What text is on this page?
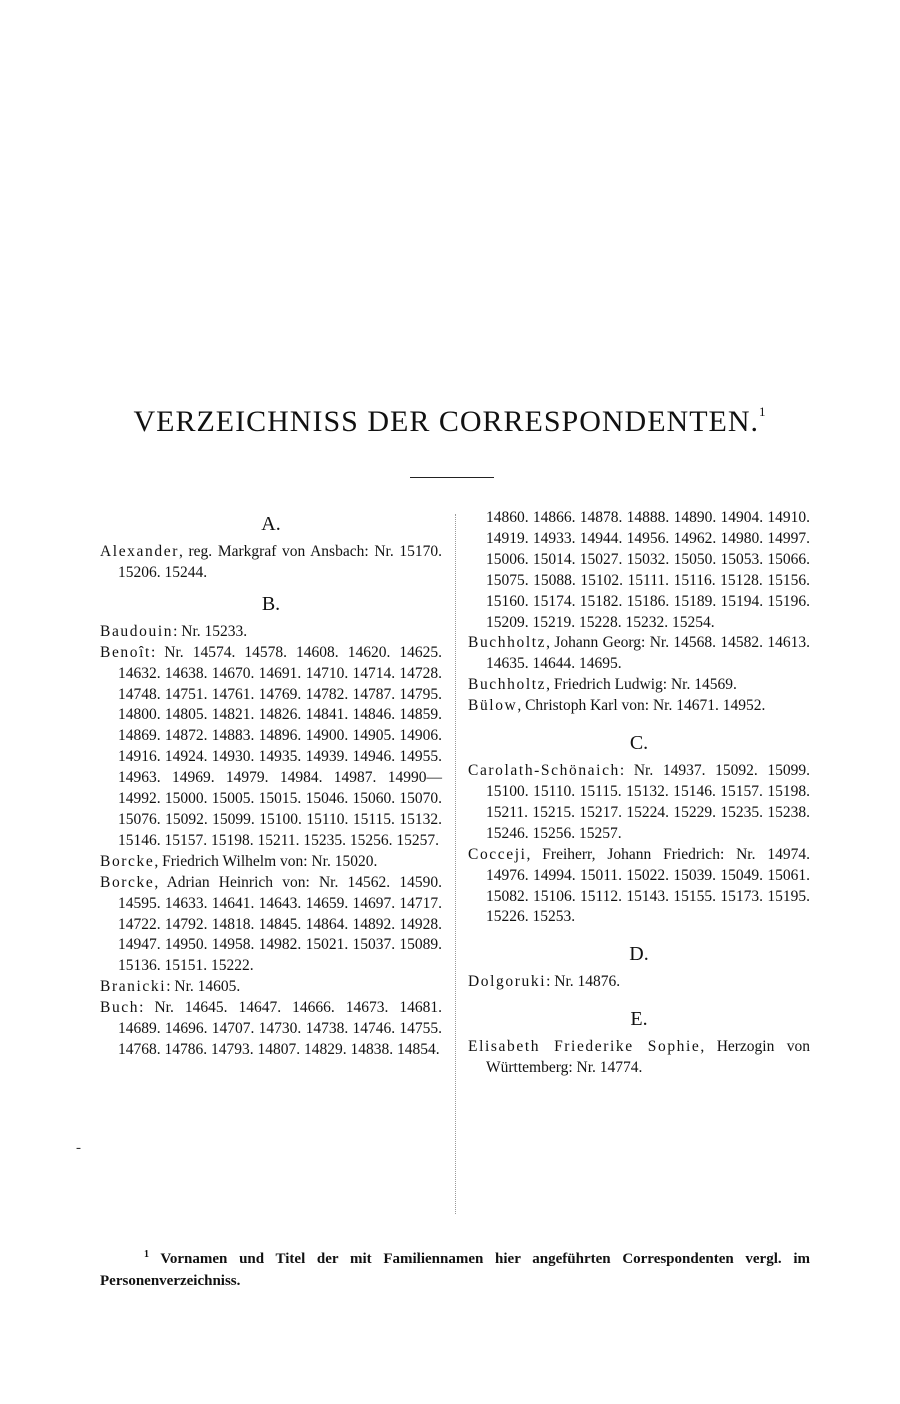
VERZEICHNISS DER CORRESPONDENTEN.$^1$
-
A.
Alexander, reg. Markgraf von Ansbach: Nr. 15170. 15206. 15244.
B.
Baudouin: Nr. 15233.
Benoît: Nr. 14574. 14578. 14608. 14620. 14625. 14632. 14638. 14670. 14691. 14710. 14714. 14728. 14748. 14751. 14761. 14769. 14782. 14787. 14795. 14800. 14805. 14821. 14826. 14841. 14846. 14859. 14869. 14872. 14883. 14896. 14900. 14905. 14906. 14916. 14924. 14930. 14935. 14939. 14946. 14955. 14963. 14969. 14979. 14984. 14987. 14990—14992. 15000. 15005. 15015. 15046. 15060. 15070. 15076. 15092. 15099. 15100. 15110. 15115. 15132. 15146. 15157. 15198. 15211. 15235. 15256. 15257.
Borcke, Friedrich Wilhelm von: Nr. 15020.
Borcke, Adrian Heinrich von: Nr. 14562. 14590. 14595. 14633. 14641. 14643. 14659. 14697. 14717. 14722. 14792. 14818. 14845. 14864. 14892. 14928. 14947. 14950. 14958. 14982. 15021. 15037. 15089. 15136. 15151. 15222.
Branicki: Nr. 14605.
Buch: Nr. 14645. 14647. 14666. 14673. 14681. 14689. 14696. 14707. 14730. 14738. 14746. 14755. 14768. 14786. 14793. 14807. 14829. 14838. 14854.
14860. 14866. 14878. 14888. 14890. 14904. 14910. 14919. 14933. 14944. 14956. 14962. 14980. 14997. 15006. 15014. 15027. 15032. 15050. 15053. 15066. 15075. 15088. 15102. 15111. 15116. 15128. 15156. 15160. 15174. 15182. 15186. 15189. 15194. 15196. 15209. 15219. 15228. 15232. 15254.
Buchholtz, Johann Georg: Nr. 14568. 14582. 14613. 14635. 14644. 14695.
Buchholtz, Friedrich Ludwig: Nr. 14569.
Bülow, Christoph Karl von: Nr. 14671. 14952.
C.
Carolath-Schönaich: Nr. 14937. 15092. 15099. 15100. 15110. 15115. 15132. 15146. 15157. 15198. 15211. 15215. 15217. 15224. 15229. 15235. 15238. 15246. 15256. 15257.
Cocceji, Freiherr, Johann Friedrich: Nr. 14974. 14976. 14994. 15011. 15022. 15039. 15049. 15061. 15082. 15106. 15112. 15143. 15155. 15173. 15195. 15226. 15253.
D.
Dolgoruki: Nr. 14876.
E.
Elisabeth Friederike Sophie, Herzogin von Württemberg: Nr. 14774.
$^1$ Vornamen und Titel der mit Familiennamen hier angeführten Correspondenten vergl. im Personenverzeichniss.
